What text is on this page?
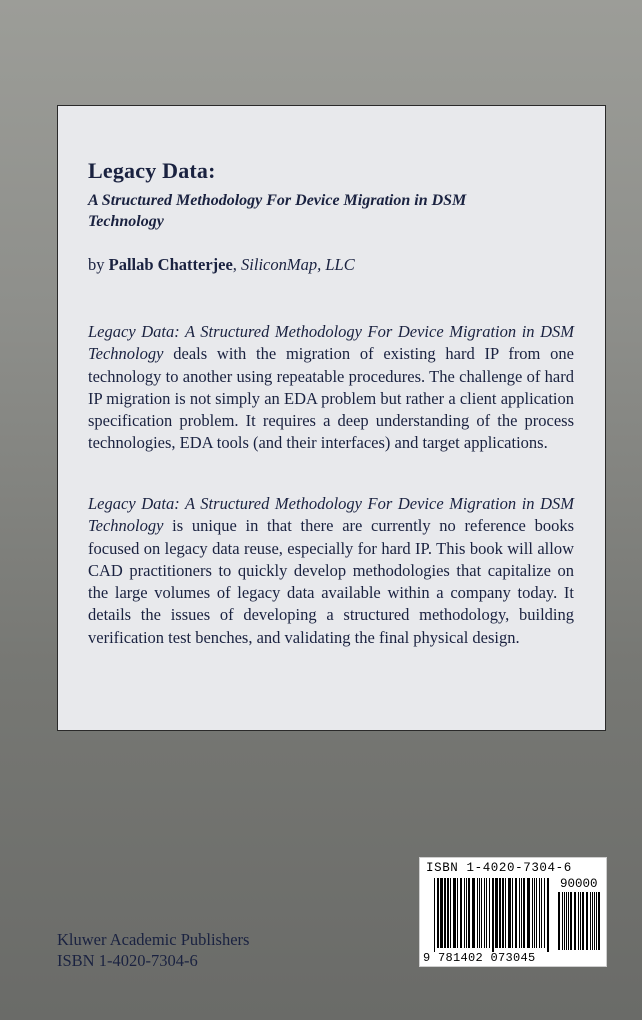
Legacy Data:
A Structured Methodology For Device Migration in DSM Technology

by Pallab Chatterjee, SiliconMap, LLC

Legacy Data: A Structured Methodology For Device Migration in DSM Technology deals with the migration of existing hard IP from one technology to another using repeatable procedures. The challenge of hard IP migration is not simply an EDA problem but rather a client application specification problem. It requires a deep understanding of the process technologies, EDA tools (and their interfaces) and target applications.

Legacy Data: A Structured Methodology For Device Migration in DSM Technology is unique in that there are currently no reference books focused on legacy data reuse, especially for hard IP. This book will allow CAD practitioners to quickly develop methodologies that capitalize on the large volumes of legacy data available within a company today. It details the issues of developing a structured methodology, building verification test benches, and validating the final physical design.

Kluwer Academic Publishers
ISBN 1-4020-7304-6
ISBN 1-4020-7304-6
90000
9 781402 073045
